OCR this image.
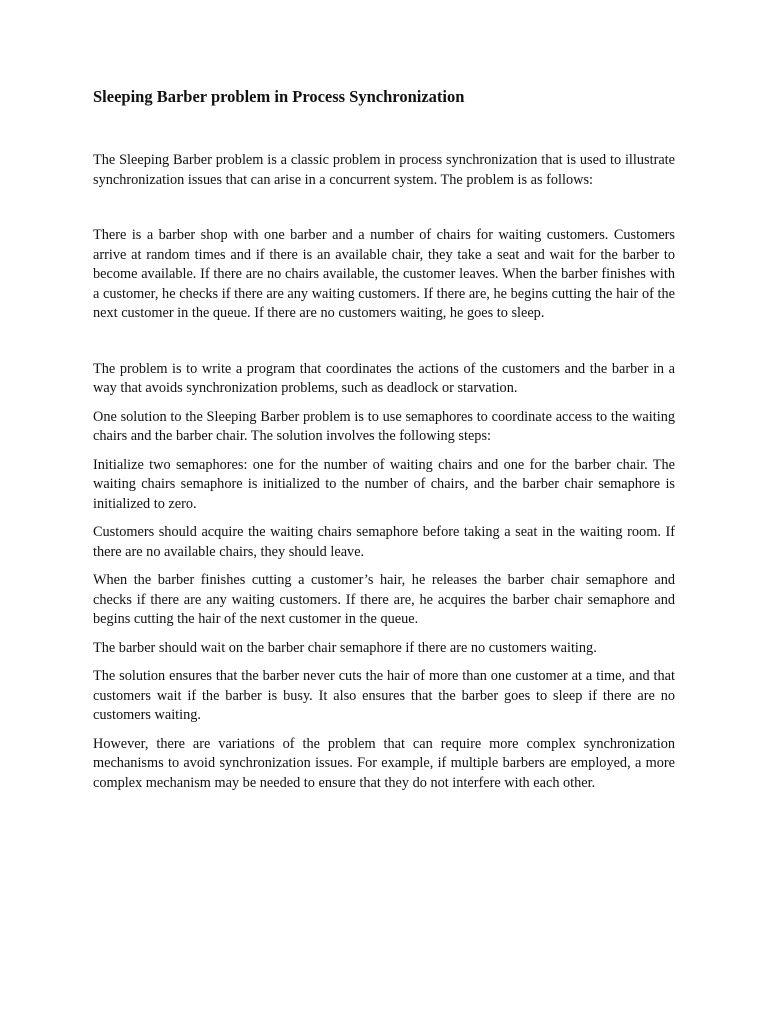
Sleeping Barber problem in Process Synchronization

The Sleeping Barber problem is a classic problem in process synchronization that is used to illustrate synchronization issues that can arise in a concurrent system. The problem is as follows:

There is a barber shop with one barber and a number of chairs for waiting customers. Customers arrive at random times and if there is an available chair, they take a seat and wait for the barber to become available. If there are no chairs available, the customer leaves. When the barber finishes with a customer, he checks if there are any waiting customers. If there are, he begins cutting the hair of the next customer in the queue. If there are no customers waiting, he goes to sleep.

The problem is to write a program that coordinates the actions of the customers and the barber in a way that avoids synchronization problems, such as deadlock or starvation.

One solution to the Sleeping Barber problem is to use semaphores to coordinate access to the waiting chairs and the barber chair. The solution involves the following steps:

Initialize two semaphores: one for the number of waiting chairs and one for the barber chair. The waiting chairs semaphore is initialized to the number of chairs, and the barber chair semaphore is initialized to zero.

Customers should acquire the waiting chairs semaphore before taking a seat in the waiting room. If there are no available chairs, they should leave.

When the barber finishes cutting a customer’s hair, he releases the barber chair semaphore and checks if there are any waiting customers. If there are, he acquires the barber chair semaphore and begins cutting the hair of the next customer in the queue.

The barber should wait on the barber chair semaphore if there are no customers waiting.

The solution ensures that the barber never cuts the hair of more than one customer at a time, and that customers wait if the barber is busy. It also ensures that the barber goes to sleep if there are no customers waiting.

However, there are variations of the problem that can require more complex synchronization mechanisms to avoid synchronization issues. For example, if multiple barbers are employed, a more complex mechanism may be needed to ensure that they do not interfere with each other.
